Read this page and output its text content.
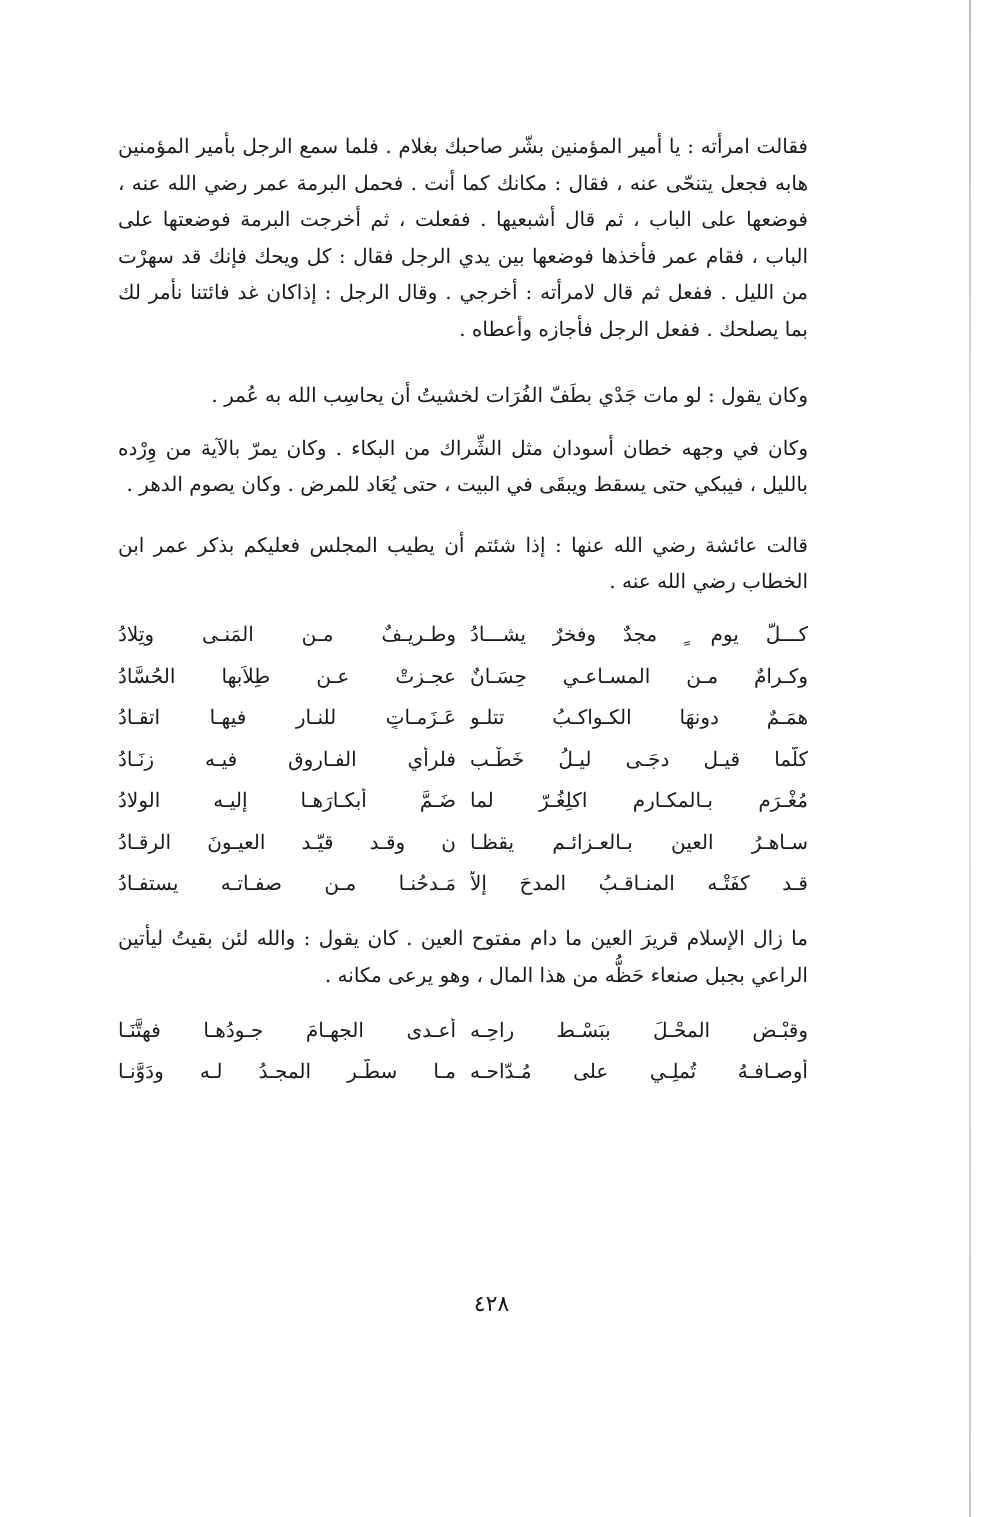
فقالت امرأته : يا أمير المؤمنين بشّر صاحبك بغلام . فلما سمع الرجل بأمير المؤمنين هابه فجعل يتنحّى عنه ، فقال : مكانك كما أنت . فحمل البرمة عمر رضي الله عنه ، فوضعها على الباب ، ثم قال أشبعيها . ففعلت ، ثم أخرجت البرمة فوضعتها على الباب ، فقام عمر فأخذها فوضعها بين يدي الرجل فقال : كل ويحك فإنك قد سهرْت من الليل . ففعل ثم قال لامرأته : أخرجي . وقال الرجل : إذاكان غد فائتنا نأمر لك بما يصلحك . ففعل الرجل فأجازه وأعطاه .

وكان يقول : لو مات جَدْي بطَفّ الفُرَات لخشيتُ أن يحاسِب الله به عُمر .

وكان في وجهه خطان أسودان مثل الشِّراك من البكاء . وكان يمرّ بالآية من وِرْده بالليل ، فيبكي حتى يسقط ويبقَى في البيت ، حتى يُعَاد للمرض . وكان يصوم الدهر .

قالت عائشة رضي الله عنها : إذا شئتم أن يطيب المجلس فعليكم بذكر عمر ابن الخطاب رضي الله عنه .

كـــلَّ يوم ٍ مجدٌ وفخرٌ يشـــادُ
وطـريـفٌ مـن المَنـى وتِلادُ
وكـرامٌ مـن المسـاعـي حِسَـانٌ
عجـزتْ عـن طِلاَبها الحُسَّادُ
همَـمٌ دونهَا الكـواكـبُ تتلـو
عَـزَمـاتٍ للنـار فيهـا اتقـادُ
كلّما قيـل دجَـى ليـلُ خَطْـب
فلرأي الفـاروق فيـه زِنَـادُ
مُغْـرَم بـالمكـارم اكلِغُـرّ لما
ضَـمَّ أبكـارَهـا إليـه الولادُ
سـاهـرُ العين بـالعـزائـم يقظـا
ن وقـد قيّـد العيـونَ الرقـادُ
قـد كفَتْـه المنـاقـبُ المدحَ إلاّ
مَـدحُنـا مـن صفـاتـه يستفـادُ

ما زال الإسلام قريرَ العين ما دام مفتوح العين . كان يقول : والله لئن بقيتُ ليأتين الراعي بجبل صنعاء حَظُّه من هذا المال ، وهو يرعى مكانه .

وقبْـض المحْـلَ ببَسْـط راحِـه
أعـدى الجهـامَ جـودُهـا فهتَّنَـا
أوصـافـهُ تُملِـي على مُـدّاحـه
مـا سطَّـر المجـدُ لـه ودَوَّنـا
٤٢٨
